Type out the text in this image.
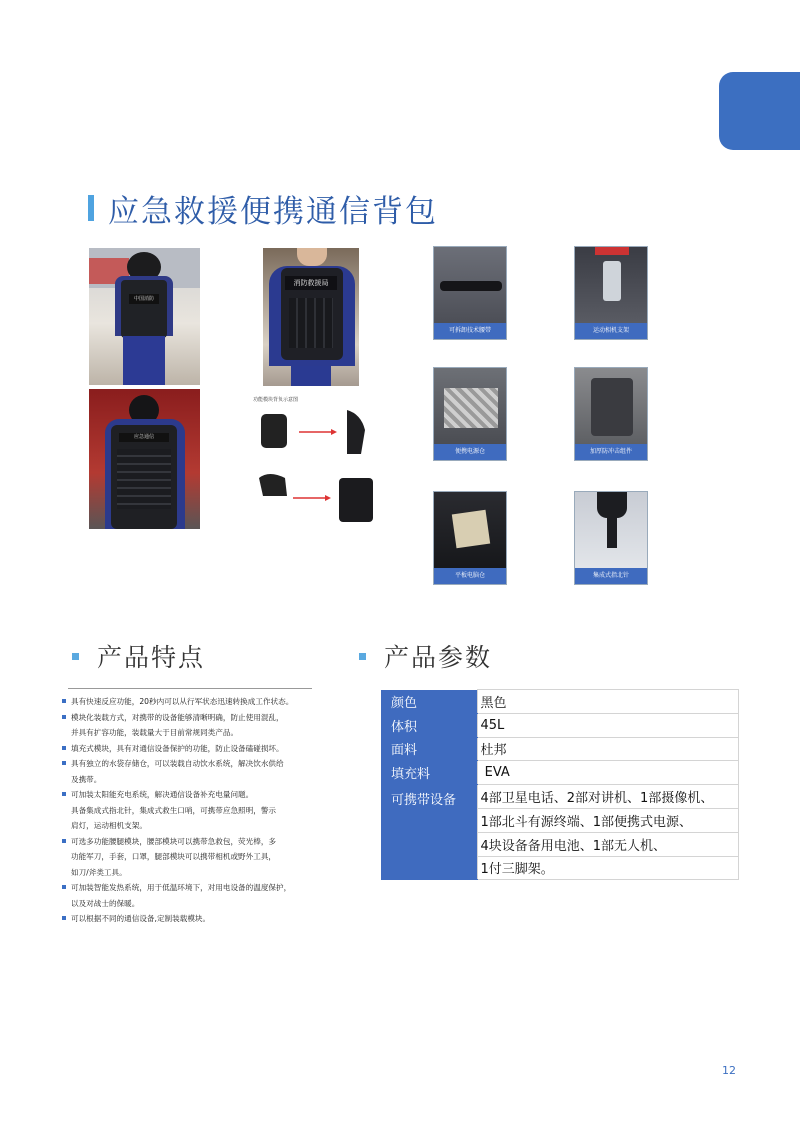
应急救援便携通信背包
中国消防
应急通信
消防救援局
功能模块背负示意图
可拆卸技术腰带	运动相机支架
便携电源仓	加厚防冲击组件
平板电脑仓	集成式指北针
产品特点
具有快速反应功能，20秒内可以从行军状态迅速转换成工作状态。
模块化装载方式，对携带的设备能够清晰明确，防止使用混乱，
并具有扩容功能，装载量大于目前常规同类产品。
填充式模块，具有对通信设备保护的功能，防止设备磕碰损坏。
具有独立的水袋存储仓，可以装载自动饮水系统，解决饮水供给
及携带。
可加装太阳能充电系统，解决通信设备补充电量问题。
具备集成式指北针，集成式救生口哨，可携带应急照明，警示
肩灯，运动相机支架。
可选多功能腰腿模块，腰部模块可以携带急救包，荧光棒，多
功能军刀，手套，口罩，腿部模块可以携带相机或野外工具，
如刀/斧类工具。
可加装智能发热系统，用于低温环境下，对用电设备的温度保护，
以及对战士的保暖。
可以根据不同的通信设备,定制装载模块。
产品参数
颜色	黑色
体积	45L
面料	杜邦
填充料	EVA
可携带设备	4部卫星电话、2部对讲机、1部摄像机、
	1部北斗有源终端、1部便携式电源、
	4块设备备用电池、1部无人机、
	1付三脚架。
12
